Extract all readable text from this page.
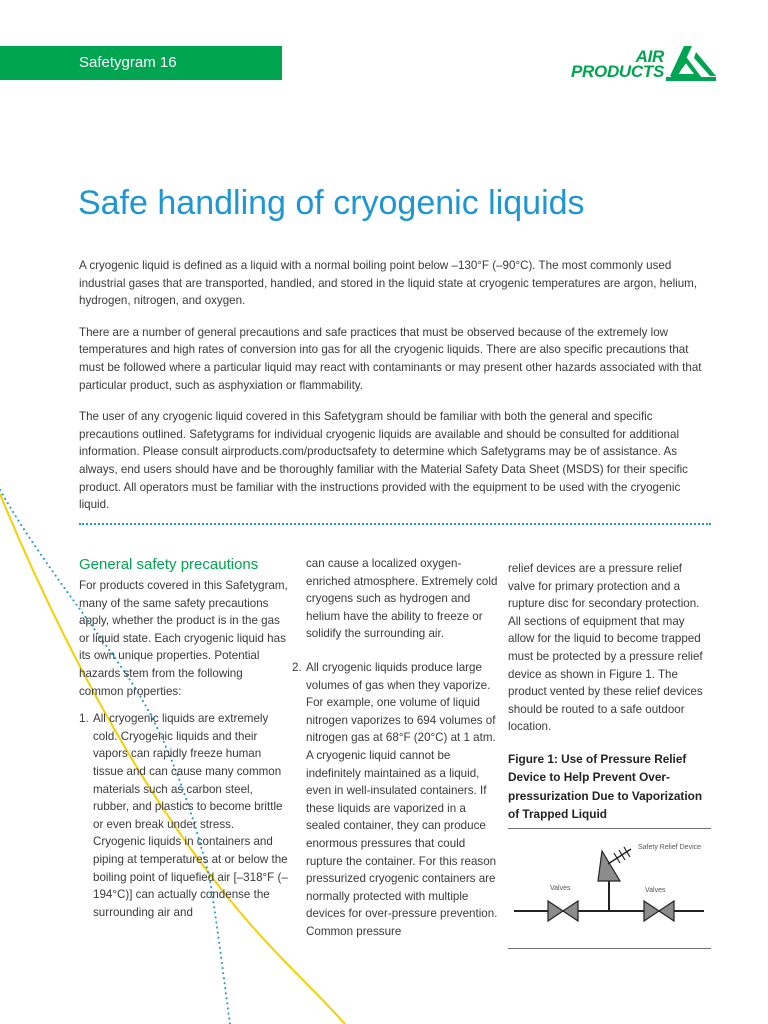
Safetygram 16	AIR
PRODUCTS
Safe handling of cryogenic liquids

A cryogenic liquid is defined as a liquid with a normal boiling point below –130°F (–90°C). The most commonly used industrial gases that are transported, handled, and stored in the liquid state at cryogenic temperatures are argon, helium, hydrogen, nitrogen, and oxygen.

There are a number of general precautions and safe practices that must be observed because of the extremely low temperatures and high rates of conversion into gas for all the cryogenic liquids. There are also specific precautions that must be followed where a particular liquid may react with contaminants or may present other hazards associated with that particular product, such as asphyxiation or flammability.

The user of any cryogenic liquid covered in this Safetygram should be familiar with both the general and specific precautions outlined. Safetygrams for individual cryogenic liquids are available and should be consulted for additional information. Please consult airproducts.com/productsafety to determine which Safetygrams may be of assistance. As always, end users should have and be thoroughly familiar with the Material Safety Data Sheet (MSDS) for their specific product. All operators must be familiar with the instructions provided with the equipment to be used with the cryogenic liquid.

General safety precautions

For products covered in this Safetygram, many of the same safety precautions apply, whether the product is in the gas or liquid state. Each cryogenic liquid has its own unique properties. Potential hazards stem from the following common properties:

1. All cryogenic liquids are extremely cold. Cryogenic liquids and their vapors can rapidly freeze human tissue and can cause many common materials such as carbon steel, rubber, and plastics to become brittle or even break under stress. Cryogenic liquids in containers and piping at temperatures at or below the boiling point of liquefied air [–318°F (–194°C)] can actually condense the surrounding air and

can cause a localized oxygen-enriched atmosphere. Extremely cold cryogens such as hydrogen and helium have the ability to freeze or solidify the surrounding air.

2. All cryogenic liquids produce large volumes of gas when they vaporize. For example, one volume of liquid nitrogen vaporizes to 694 volumes of nitrogen gas at 68°F (20°C) at 1 atm. A cryogenic liquid cannot be indefinitely maintained as a liquid, even in well-insulated containers. If these liquids are vaporized in a sealed container, they can produce enormous pressures that could rupture the container. For this reason pressurized cryogenic containers are normally protected with multiple devices for over-pressure prevention. Common pressure

relief devices are a pressure relief valve for primary protection and a rupture disc for secondary protection. All sections of equipment that may allow for the liquid to become trapped must be protected by a pressure relief device as shown in Figure 1. The product vented by these relief devices should be routed to a safe outdoor location.

Figure 1: Use of Pressure Relief Device to Help Prevent Over-pressurization Due to Vaporization of Trapped Liquid
Safety Relief Device
Valves	Valves
